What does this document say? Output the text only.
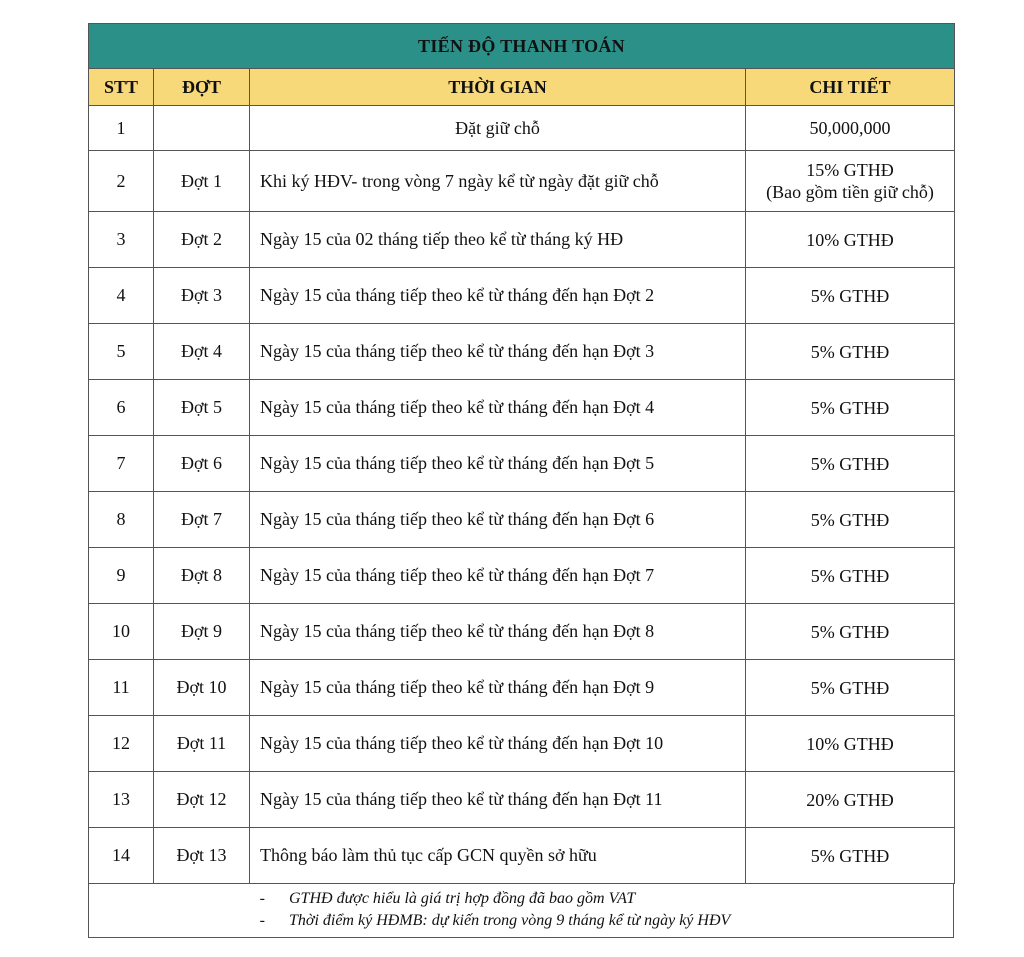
TIẾN ĐỘ THANH TOÁN			
STT	ĐỢT	THỜI GIAN	CHI TIẾT
1		Đặt giữ chỗ	50,000,000

2	Đợt 1	Khi ký HĐV- trong vòng 7 ngày kể từ ngày đặt giữ chỗ	15% GTHĐ
(Bao gồm tiền giữ chỗ)

3	Đợt 2	Ngày 15 của 02 tháng tiếp theo kể từ tháng ký HĐ	10% GTHĐ

4	Đợt 3	Ngày 15 của tháng tiếp theo kể từ tháng đến hạn Đợt 2	5% GTHĐ

5	Đợt 4	Ngày 15 của tháng tiếp theo kể từ tháng đến hạn Đợt 3	5% GTHĐ

6	Đợt 5	Ngày 15 của tháng tiếp theo kể từ tháng đến hạn Đợt 4	5% GTHĐ

7	Đợt 6	Ngày 15 của tháng tiếp theo kể từ tháng đến hạn Đợt 5	5% GTHĐ

8	Đợt 7	Ngày 15 của tháng tiếp theo kể từ tháng đến hạn Đợt 6	5% GTHĐ

9	Đợt 8	Ngày 15 của tháng tiếp theo kể từ tháng đến hạn Đợt 7	5% GTHĐ

10	Đợt 9	Ngày 15 của tháng tiếp theo kể từ tháng đến hạn Đợt 8	5% GTHĐ

11	Đợt 10	Ngày 15 của tháng tiếp theo kể từ tháng đến hạn Đợt 9	5% GTHĐ

12	Đợt 11	Ngày 15 của tháng tiếp theo kể từ tháng đến hạn Đợt 10	10% GTHĐ

13	Đợt 12	Ngày 15 của tháng tiếp theo kể từ tháng đến hạn Đợt 11	20% GTHĐ

14	Đợt 13	Thông báo làm thủ tục cấp GCN quyền sở hữu	5% GTHĐ
- GTHĐ được hiểu là giá trị hợp đồng đã bao gồm VAT
- Thời điểm ký HĐMB: dự kiến trong vòng 9 tháng kể từ ngày ký HĐV
